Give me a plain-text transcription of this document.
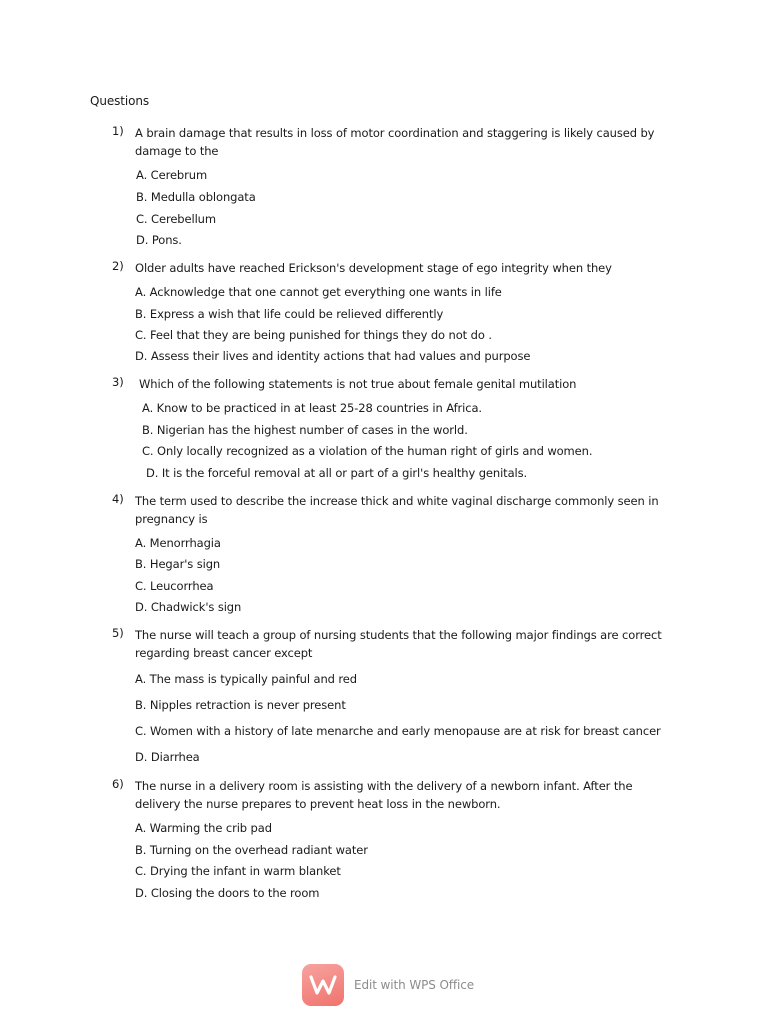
Questions
1) A brain damage that results in loss of motor coordination and staggering is likely caused by damage to the
A. Cerebrum
B. Medulla oblongata
C. Cerebellum
D. Pons.
2) Older adults have reached Erickson's development stage of ego integrity when they
A. Acknowledge that one cannot get everything one wants in life
B. Express a wish that life could be relieved differently
C. Feel that they are being punished for things they do not do .
D. Assess their lives and identity actions that had values and purpose
3) Which of the following statements is not true about female genital mutilation
A. Know to be practiced in at least 25-28 countries in Africa.
B. Nigerian has the highest number of cases in the world.
C. Only locally recognized as a violation of the human right of girls and women.
D. It is the forceful removal at all or part of a girl's healthy genitals.
4) The term used to describe the increase thick and white vaginal discharge commonly seen in pregnancy is
A. Menorrhagia
B. Hegar's sign
C. Leucorrhea
D. Chadwick's sign
5) The nurse will teach a group of nursing students that the following major findings are correct regarding breast cancer except
A. The mass is typically painful and red
B. Nipples retraction is never present
C. Women with a history of late menarche and early menopause are at risk for breast cancer
D. Diarrhea
6) The nurse in a delivery room is assisting with the delivery of a newborn infant. After the delivery the nurse prepares to prevent heat loss in the newborn.
A. Warming the crib pad
B. Turning on the overhead radiant water
C. Drying the infant in warm blanket
D. Closing the doors to the room
Edit with WPS Office
